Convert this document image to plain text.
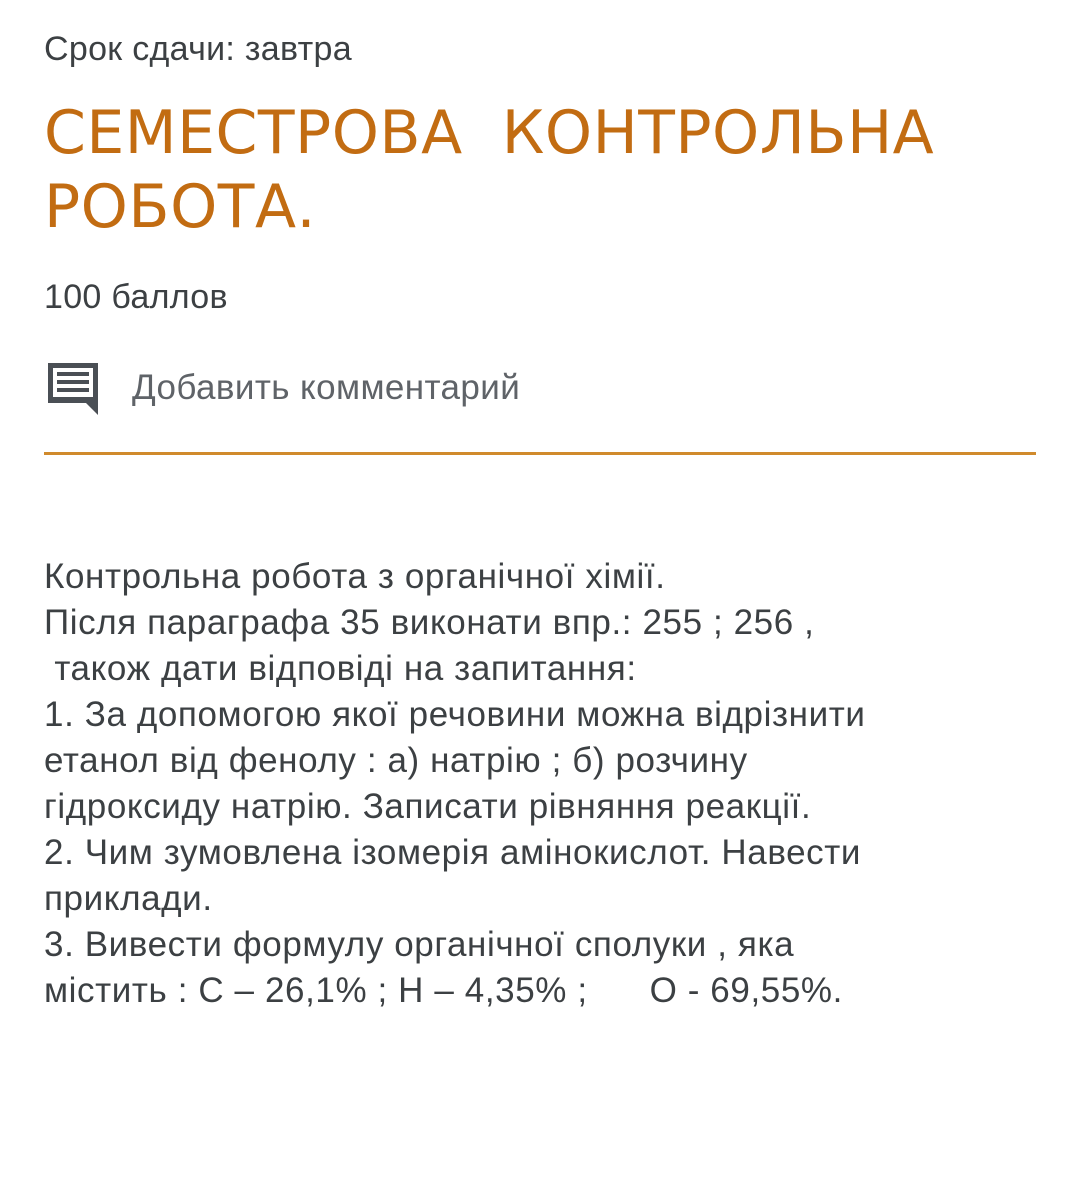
Срок сдачи: завтра
СЕМЕСТРОВА  КОНТРОЛЬНА РОБОТА.
100 баллов
Добавить комментарий
Контрольна робота з органічної хімії.
Після параграфа 35 виконати впр.: 255 ; 256 ,
також дати відповіді на запитання:
1. За допомогою якої речовини можна відрізнити
етанол від фенолу : а) натрію ; б) розчину
гідроксиду натрію. Записати рівняння реакції.
2. Чим зумовлена ізомерія амінокислот. Навести
приклади.
3. Вивести формулу органічної сполуки , яка
містить : С – 26,1% ; Н – 4,35% ;      О - 69,55%.
